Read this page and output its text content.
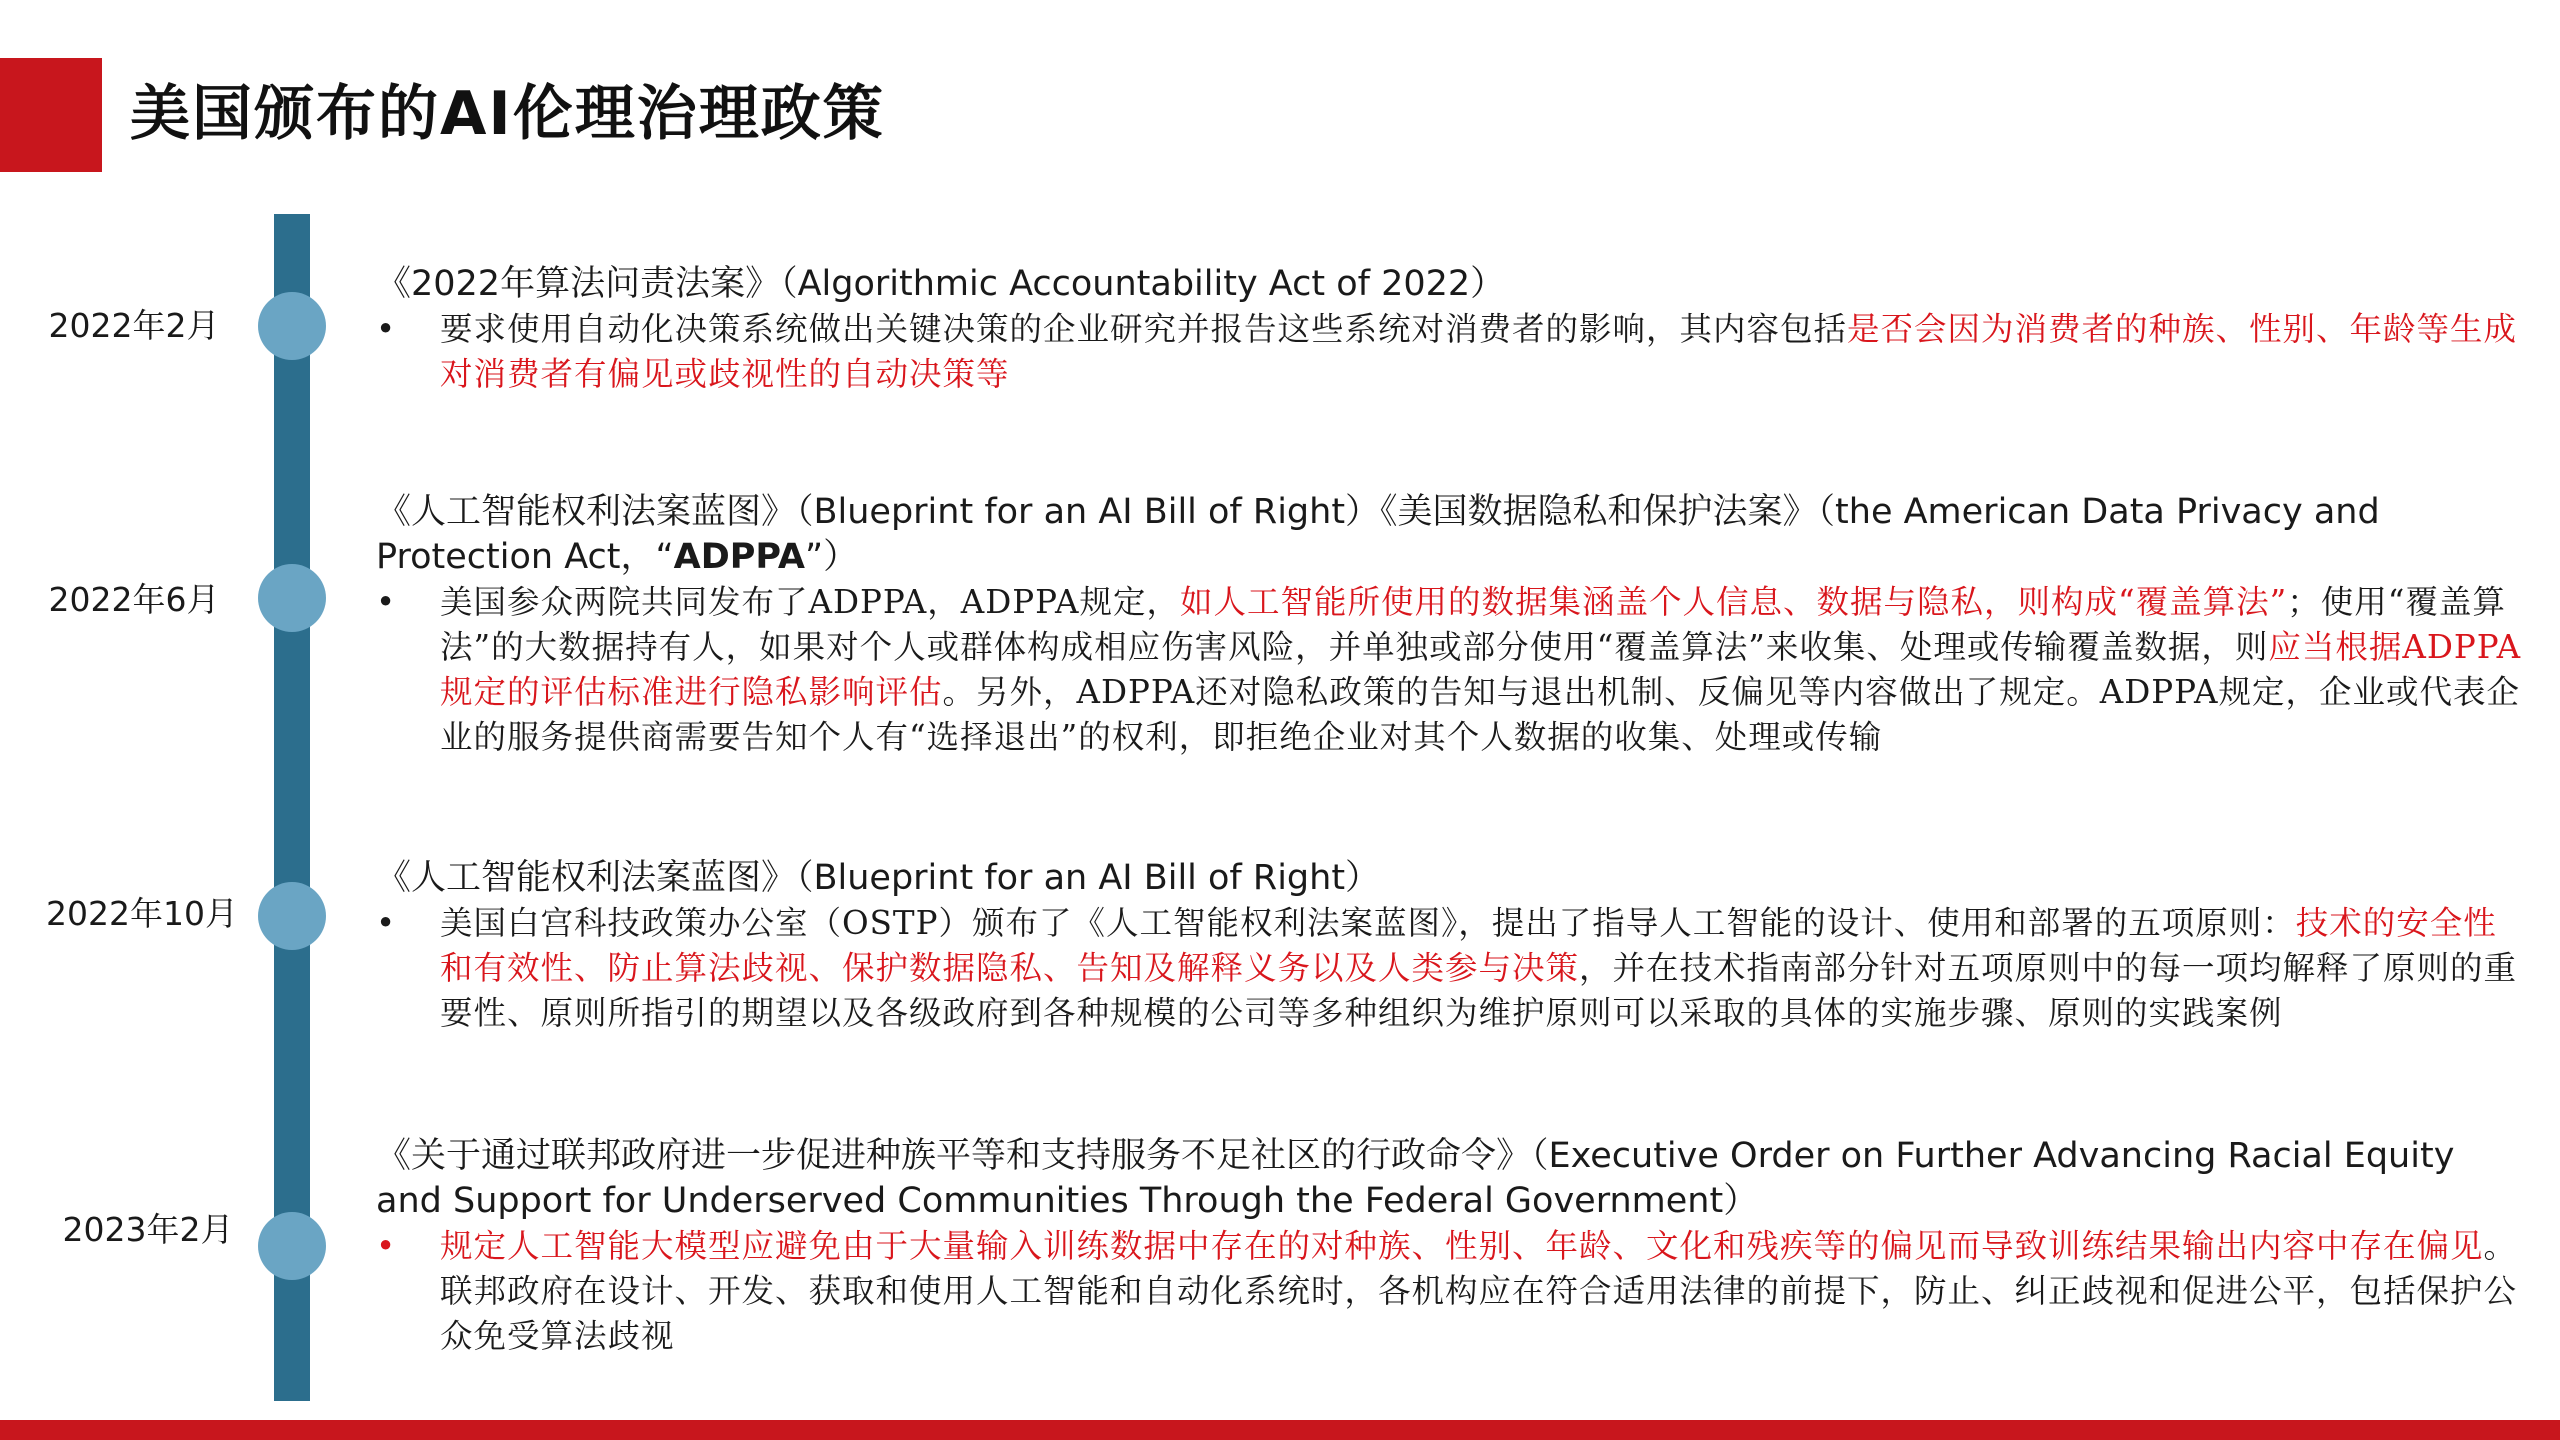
美国颁布的AI伦理治理政策
2022年2月
《2022年算法问责法案》（Algorithmic Accountability Act of 2022）
•	要求使用自动化决策系统做出关键决策的企业研究并报告这些系统对消费者的影响，其内容包括是否会因为消费者的种族、性别、年龄等生成对消费者有偏见或歧视性的自动决策等
2022年6月
《人工智能权利法案蓝图》（Blueprint for an AI Bill of Right）《美国数据隐私和保护法案》（the American Data Privacy and Protection Act，“ADPPA”）
•	美国参众两院共同发布了ADPPA，ADPPA规定，如人工智能所使用的数据集涵盖个人信息、数据与隐私，则构成“覆盖算法”；使用“覆盖算法”的大数据持有人，如果对个人或群体构成相应伤害风险，并单独或部分使用“覆盖算法”来收集、处理或传输覆盖数据，则应当根据ADPPA规定的评估标准进行隐私影响评估。另外，ADPPA还对隐私政策的告知与退出机制、反偏见等内容做出了规定。ADPPA规定，企业或代表企业的服务提供商需要告知个人有“选择退出”的权利，即拒绝企业对其个人数据的收集、处理或传输
2022年10月
《人工智能权利法案蓝图》（Blueprint for an AI Bill of Right）
•	美国白宫科技政策办公室（OSTP）颁布了《人工智能权利法案蓝图》，提出了指导人工智能的设计、使用和部署的五项原则：技术的安全性和有效性、防止算法歧视、保护数据隐私、告知及解释义务以及人类参与决策，并在技术指南部分针对五项原则中的每一项均解释了原则的重要性、原则所指引的期望以及各级政府到各种规模的公司等多种组织为维护原则可以采取的具体的实施步骤、原则的实践案例
2023年2月
《关于通过联邦政府进一步促进种族平等和支持服务不足社区的行政命令》（Executive Order on Further Advancing Racial Equity and Support for Underserved Communities Through the Federal Government）
•	规定人工智能大模型应避免由于大量输入训练数据中存在的对种族、性别、年龄、文化和残疾等的偏见而导致训练结果输出内容中存在偏见。联邦政府在设计、开发、获取和使用人工智能和自动化系统时，各机构应在符合适用法律的前提下，防止、纠正歧视和促进公平，包括保护公众免受算法歧视
